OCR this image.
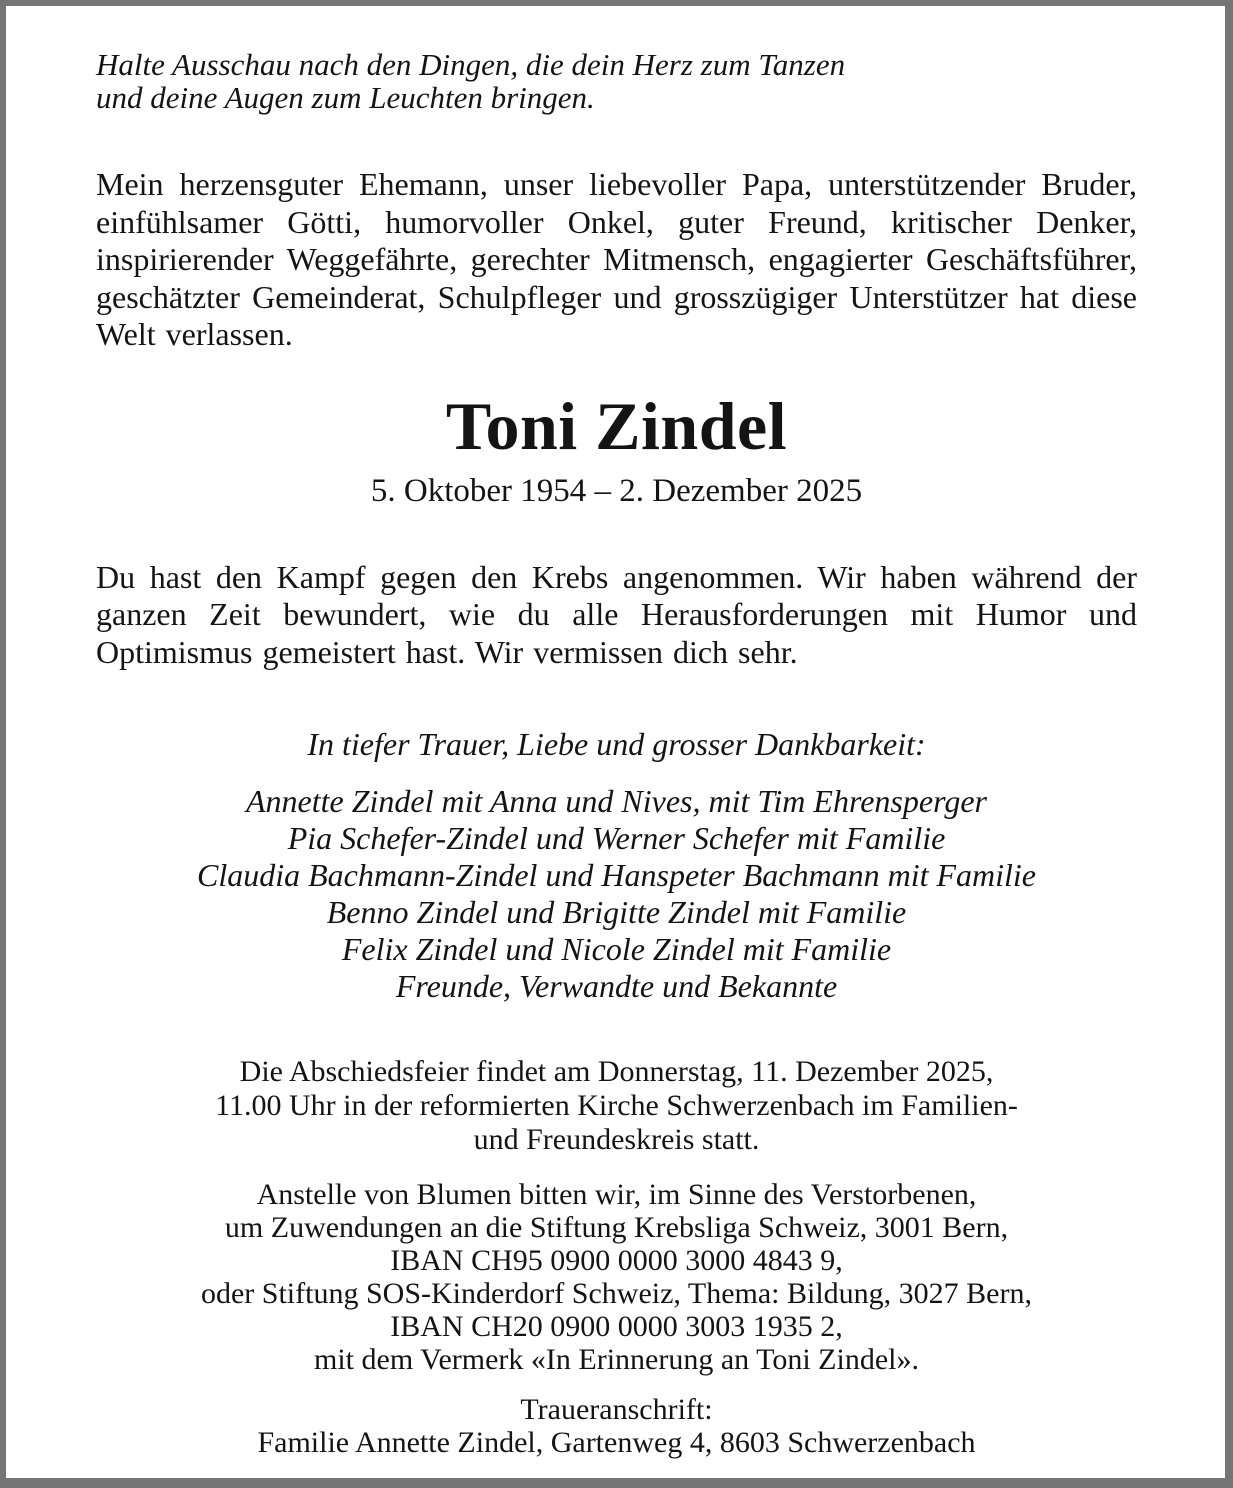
Halte Ausschau nach den Dingen, die dein Herz zum Tanzen
und deine Augen zum Leuchten bringen.
Mein herzensguter Ehemann, unser liebevoller Papa, unterstützender Bruder, einfühlsamer Götti, humorvoller Onkel, guter Freund, kritischer Denker, inspirierender Weggefährte, gerechter Mitmensch, engagierter Geschäftsführer, geschätzter Gemeinderat, Schulpfleger und grosszügiger Unterstützer hat diese Welt verlassen.
Toni Zindel
5. Oktober 1954 – 2. Dezember 2025
Du hast den Kampf gegen den Krebs angenommen. Wir haben während der ganzen Zeit bewundert, wie du alle Herausforderungen mit Humor und Optimismus gemeistert hast. Wir vermissen dich sehr.
In tiefer Trauer, Liebe und grosser Dankbarkeit:
Annette Zindel mit Anna und Nives, mit Tim Ehrensperger
Pia Schefer-Zindel und Werner Schefer mit Familie
Claudia Bachmann-Zindel und Hanspeter Bachmann mit Familie
Benno Zindel und Brigitte Zindel mit Familie
Felix Zindel und Nicole Zindel mit Familie
Freunde, Verwandte und Bekannte
Die Abschiedsfeier findet am Donnerstag, 11. Dezember 2025,
11.00 Uhr in der reformierten Kirche Schwerzenbach im Familien-
und Freundeskreis statt.
Anstelle von Blumen bitten wir, im Sinne des Verstorbenen,
um Zuwendungen an die Stiftung Krebsliga Schweiz, 3001 Bern,
IBAN CH95 0900 0000 3000 4843 9,
oder Stiftung SOS-Kinderdorf Schweiz, Thema: Bildung, 3027 Bern,
IBAN CH20 0900 0000 3003 1935 2,
mit dem Vermerk «In Erinnerung an Toni Zindel».
Traueranschrift:
Familie Annette Zindel, Gartenweg 4, 8603 Schwerzenbach
